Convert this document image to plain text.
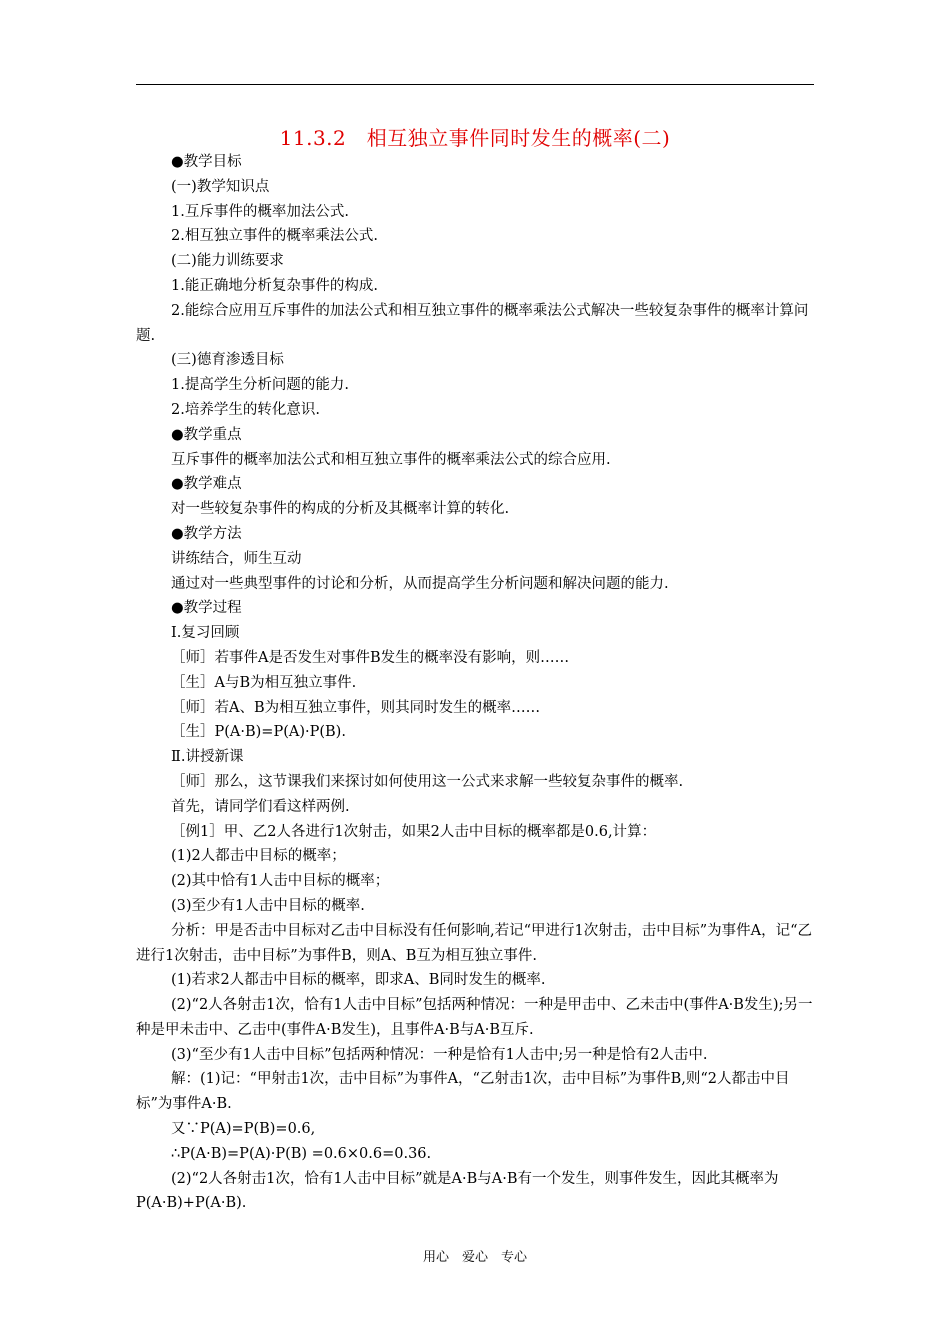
11.3.2　相互独立事件同时发生的概率(二)

●教学目标

(一)教学知识点

1.互斥事件的概率加法公式.

2.相互独立事件的概率乘法公式.

(二)能力训练要求

1.能正确地分析复杂事件的构成.

2.能综合应用互斥事件的加法公式和相互独立事件的概率乘法公式解决一些较复杂事件的概率计算问题.

(三)德育渗透目标

1.提高学生分析问题的能力.

2.培养学生的转化意识.

●教学重点

互斥事件的概率加法公式和相互独立事件的概率乘法公式的综合应用.

●教学难点

对一些较复杂事件的构成的分析及其概率计算的转化.

●教学方法

讲练结合，师生互动

通过对一些典型事件的讨论和分析，从而提高学生分析问题和解决问题的能力.

●教学过程

Ⅰ.复习回顾

［师］若事件A是否发生对事件B发生的概率没有影响，则……

［生］A与B为相互独立事件.

［师］若A、B为相互独立事件，则其同时发生的概率……

［生］P(A·B)=P(A)·P(B).

Ⅱ.讲授新课

［师］那么，这节课我们来探讨如何使用这一公式来求解一些较复杂事件的概率.

首先，请同学们看这样两例.

［例1］甲、乙2人各进行1次射击，如果2人击中目标的概率都是0.6,计算：

(1)2人都击中目标的概率；

(2)其中恰有1人击中目标的概率；

(3)至少有1人击中目标的概率.

分析：甲是否击中目标对乙击中目标没有任何影响,若记“甲进行1次射击，击中目标”为事件A，记“乙进行1次射击，击中目标”为事件B，则A、B互为相互独立事件.

(1)若求2人都击中目标的概率，即求A、B同时发生的概率.

(2)“2人各射击1次，恰有1人击中目标”包括两种情况：一种是甲击中、乙未击中(事件A·B发生);另一种是甲未击中、乙击中(事件A·B发生)，且事件A·B与A·B互斥.

(3)“至少有1人击中目标”包括两种情况：一种是恰有1人击中;另一种是恰有2人击中.

解：(1)记：“甲射击1次，击中目标”为事件A，“乙射击1次，击中目标”为事件B,则“2人都击中目标”为事件A·B.

又∵P(A)=P(B)=0.6,

∴P(A·B)=P(A)·P(B) =0.6×0.6=0.36.

(2)“2人各射击1次，恰有1人击中目标”就是A·B与A·B有一个发生，则事件发生，因此其概率为P(A·B)+P(A·B).

用心　爱心　专心
